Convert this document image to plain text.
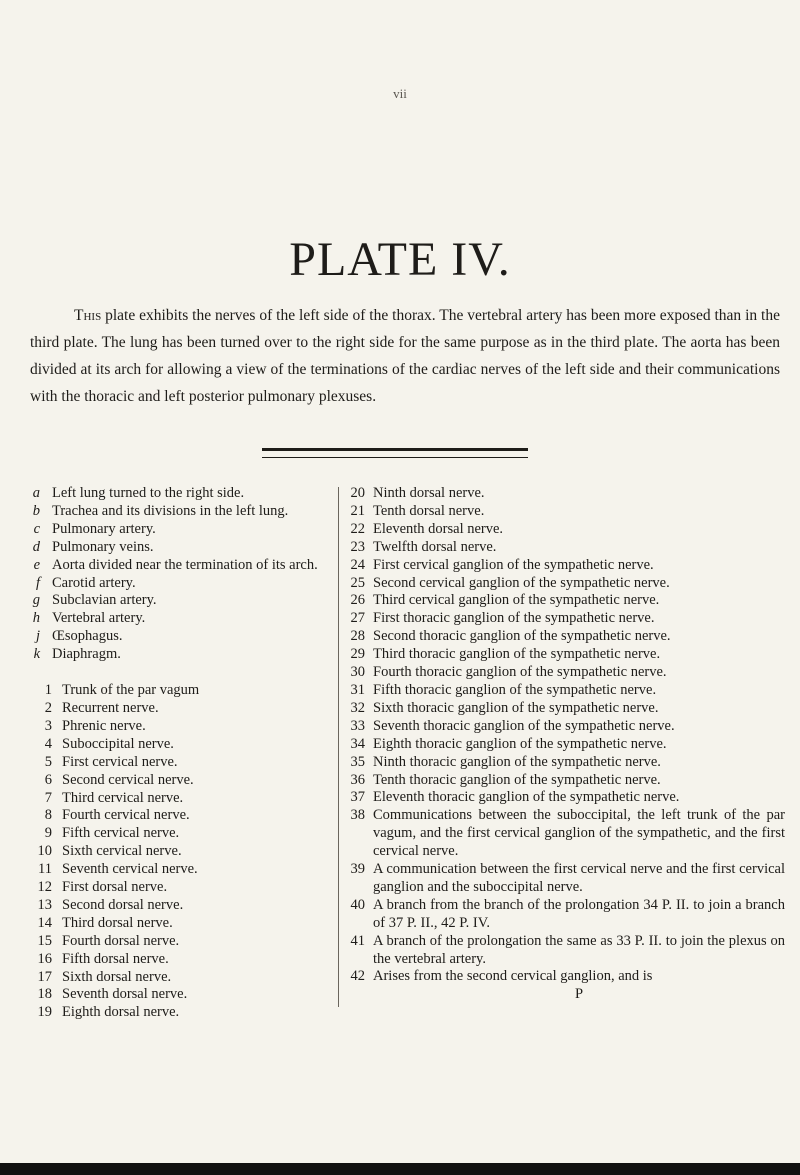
vii
PLATE IV.

This plate exhibits the nerves of the left side of the thorax. The vertebral artery has been more exposed than in the third plate. The lung has been turned over to the right side for the same purpose as in the third plate. The aorta has been divided at its arch for allowing a view of the terminations of the cardiac nerves of the left side and their communications with the thoracic and left posterior pulmonary plexuses.

a Left lung turned to the right side.
b Trachea and its divisions in the left lung.
c Pulmonary artery.
d Pulmonary veins.
e Aorta divided near the termination of its arch.
f Carotid artery.
g Subclavian artery.
h Vertebral artery.
j Œsophagus.
k Diaphragm.
1 Trunk of the par vagum
2 Recurrent nerve.
3 Phrenic nerve.
4 Suboccipital nerve.
5 First cervical nerve.
6 Second cervical nerve.
7 Third cervical nerve.
8 Fourth cervical nerve.
9 Fifth cervical nerve.
10 Sixth cervical nerve.
11 Seventh cervical nerve.
12 First dorsal nerve.
13 Second dorsal nerve.
14 Third dorsal nerve.
15 Fourth dorsal nerve.
16 Fifth dorsal nerve.
17 Sixth dorsal nerve.
18 Seventh dorsal nerve.
19 Eighth dorsal nerve.
20 Ninth dorsal nerve.
21 Tenth dorsal nerve.
22 Eleventh dorsal nerve.
23 Twelfth dorsal nerve.
24 First cervical ganglion of the sympathetic nerve.
25 Second cervical ganglion of the sympathetic nerve.
26 Third cervical ganglion of the sympathetic nerve.
27 First thoracic ganglion of the sympathetic nerve.
28 Second thoracic ganglion of the sympathetic nerve.
29 Third thoracic ganglion of the sympathetic nerve.
30 Fourth thoracic ganglion of the sympathetic nerve.
31 Fifth thoracic ganglion of the sympathetic nerve.
32 Sixth thoracic ganglion of the sympathetic nerve.
33 Seventh thoracic ganglion of the sympathetic nerve.
34 Eighth thoracic ganglion of the sympathetic nerve.
35 Ninth thoracic ganglion of the sympathetic nerve.
36 Tenth thoracic ganglion of the sympathetic nerve.
37 Eleventh thoracic ganglion of the sympathetic nerve.
38 Communications between the suboccipital, the left trunk of the par vagum, and the first cervical ganglion of the sympathetic, and the first cervical nerve.
39 A communication between the first cervical nerve and the first cervical ganglion and the suboccipital nerve.
40 A branch from the branch of the prolongation 34 P. II. to join a branch of 37 P. II., 42 P. IV.
41 A branch of the prolongation the same as 33 P. II. to join the plexus on the vertebral artery.
42 Arises from the second cervical ganglion, and is
P
